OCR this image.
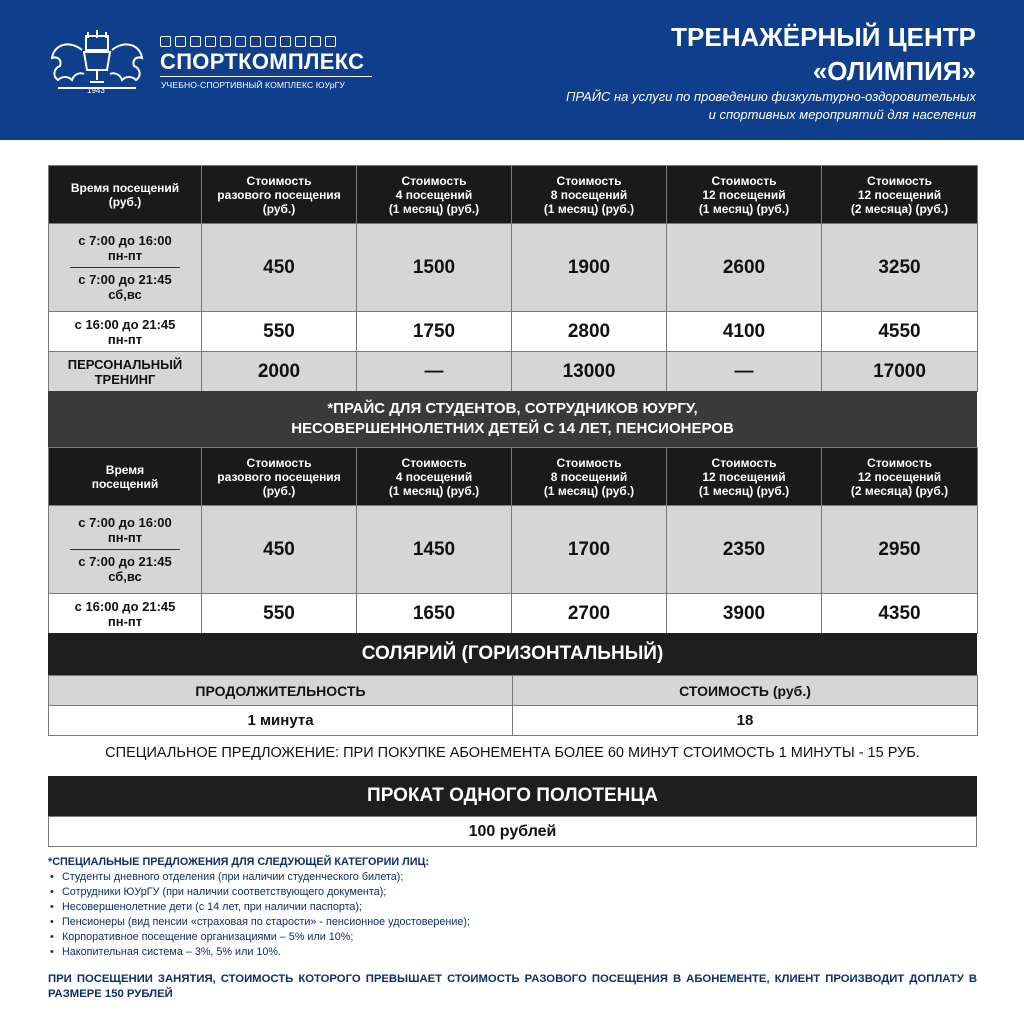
1943
СПОРТКОМПЛЕКС
УЧЕБНО-СПОРТИВНЫЙ КОМПЛЕКС ЮУрГУ
ТРЕНАЖЁРНЫЙ ЦЕНТР
«ОЛИМПИЯ»
ПРАЙС на услуги по проведению физкультурно-оздоровительных
и спортивных мероприятий для населения
Время посещений
(руб.)	Стоимость
разового посещения
(руб.)	Стоимость
4 посещений
(1 месяц) (руб.)	Стоимость
8 посещений
(1 месяц) (руб.)	Стоимость
12 посещений
(1 месяц) (руб.)	Стоимость
12 посещений
(2 месяца) (руб.)
с 7:00 до 16:00
пн-пт
с 7:00 до 21:45
сб,вс	450	1500	1900	2600	3250
с 16:00 до 21:45
пн-пт	550	1750	2800	4100	4550
ПЕРСОНАЛЬНЫЙ
ТРЕНИНГ	2000	—	13000	—	17000
*ПРАЙС ДЛЯ СТУДЕНТОВ, СОТРУДНИКОВ ЮУРГУ,
НЕСОВЕРШЕННОЛЕТНИХ ДЕТЕЙ С 14 ЛЕТ, ПЕНСИОНЕРОВ
Время
посещений	Стоимость
разового посещения
(руб.)	Стоимость
4 посещений
(1 месяц) (руб.)	Стоимость
8 посещений
(1 месяц) (руб.)	Стоимость
12 посещений
(1 месяц) (руб.)	Стоимость
12 посещений
(2 месяца) (руб.)
с 7:00 до 16:00
пн-пт
с 7:00 до 21:45
сб,вс	450	1450	1700	2350	2950
с 16:00 до 21:45
пн-пт	550	1650	2700	3900	4350
СОЛЯРИЙ (ГОРИЗОНТАЛЬНЫЙ)
ПРОДОЛЖИТЕЛЬНОСТЬ	СТОИМОСТЬ (руб.)
1 минута	18
СПЕЦИАЛЬНОЕ ПРЕДЛОЖЕНИЕ: ПРИ ПОКУПКЕ АБОНЕМЕНТА БОЛЕЕ 60 МИНУТ СТОИМОСТЬ 1 МИНУТЫ - 15 РУБ.
ПРОКАТ ОДНОГО ПОЛОТЕНЦА
100 рублей
*СПЕЦИАЛЬНЫЕ ПРЕДЛОЖЕНИЯ ДЛЯ СЛЕДУЮЩЕЙ КАТЕГОРИИ ЛИЦ:
• Студенты дневного отделения (при наличии студенческого билета);
• Сотрудники ЮУрГУ (при наличии соответствующего документа);
• Несовершенолетние дети (с 14 лет, при наличии паспорта);
• Пенсионеры (вид пенсии «страховая по старости» - пенсионное удостоверение);
• Корпоративное посещение организациями – 5% или 10%;
• Накопительная система – 3%, 5% или 10%.
ПРИ ПОСЕЩЕНИИ ЗАНЯТИЯ, СТОИМОСТЬ КОТОРОГО ПРЕВЫШАЕТ СТОИМОСТЬ РАЗОВОГО ПОСЕЩЕНИЯ В АБОНЕМЕНТЕ, КЛИЕНТ ПРОИЗВОДИТ ДОПЛАТУ В РАЗМЕРЕ 150 РУБЛЕЙ
